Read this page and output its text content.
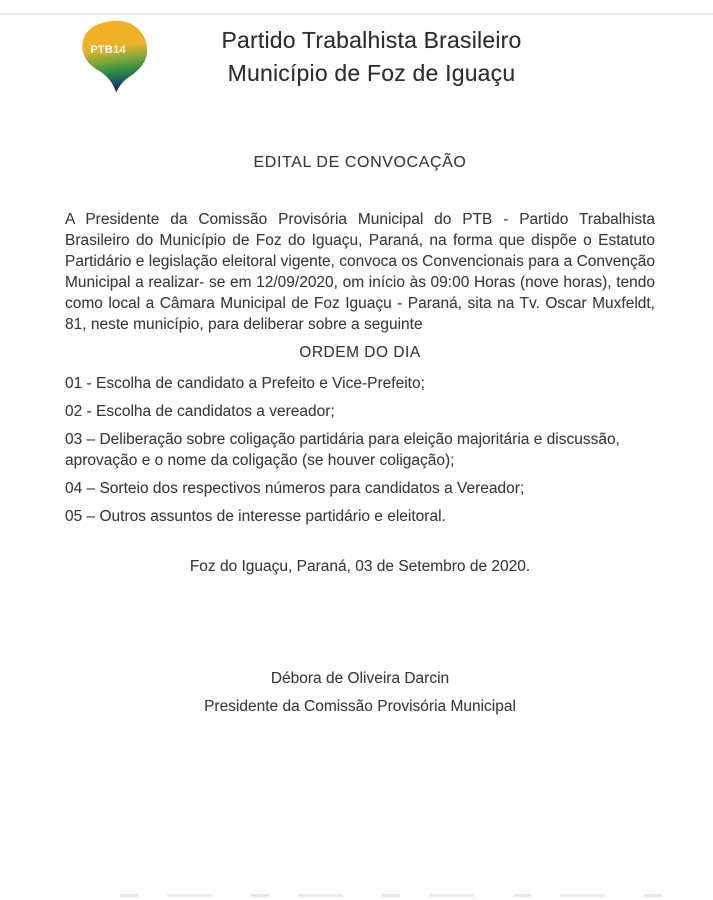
PTB14	Partido Trabalhista Brasileiro
Município de Foz de Iguaçu
EDITAL DE CONVOCAÇÃO

A Presidente da Comissão Provisória Municipal do PTB - Partido Trabalhista Brasileiro do Município de Foz do Iguaçu, Paraná, na forma que dispõe o Estatuto Partidário e legislação eleitoral vigente, convoca os Convencionais para a Convenção Municipal a realizar- se em 12/09/2020, om início às 09:00 Horas (nove horas), tendo como local a Câmara Municipal de Foz Iguaçu - Paraná, sita na Tv. Oscar Muxfeldt, 81, neste município, para deliberar sobre a seguinte

ORDEM DO DIA
01 - Escolha de candidato a Prefeito e Vice-Prefeito;
02 - Escolha de candidatos a vereador;
03 – Deliberação sobre coligação partidária para eleição majoritária e discussão, aprovação e o nome da coligação (se houver coligação);
04 – Sorteio dos respectivos números para candidatos a Vereador;
05 – Outros assuntos de interesse partidário e eleitoral.
Foz do Iguaçu, Paraná, 03 de Setembro de 2020.
Débora de Oliveira Darcin
Presidente da Comissão Provisória Municipal
